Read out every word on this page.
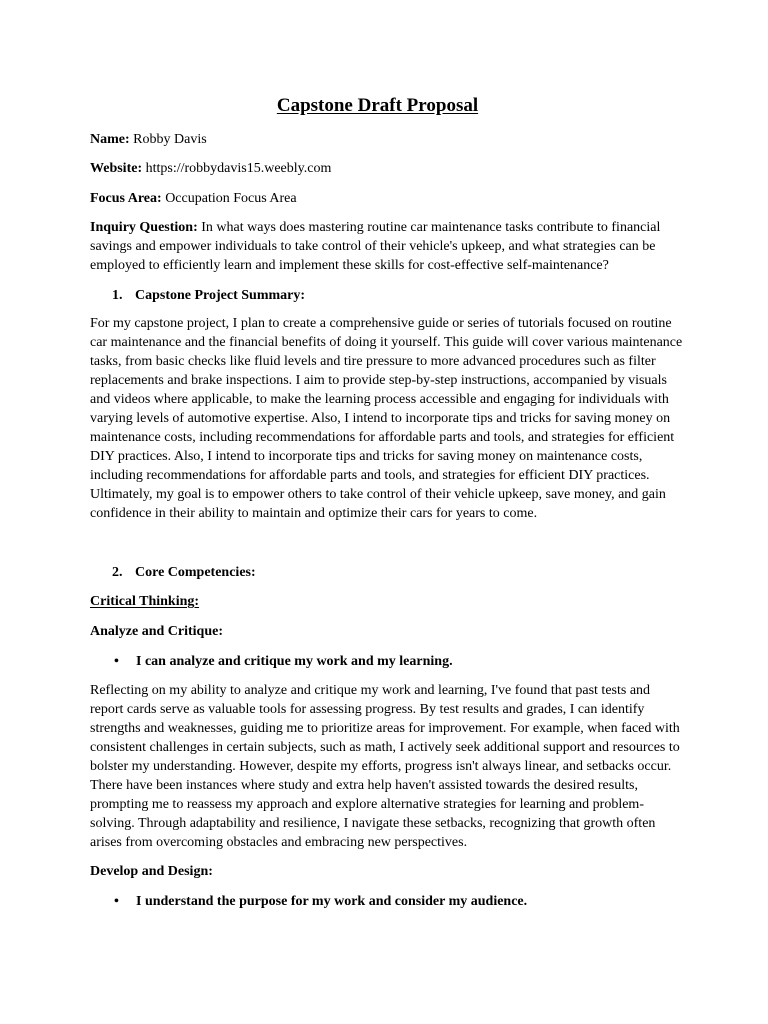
Capstone Draft Proposal
Name: Robby Davis
Website: https://robbydavis15.weebly.com
Focus Area: Occupation Focus Area
Inquiry Question: In what ways does mastering routine car maintenance tasks contribute to financial
savings and empower individuals to take control of their vehicle's upkeep, and what strategies can be
employed to efficiently learn and implement these skills for cost-effective self-maintenance?
1. Capstone Project Summary:
For my capstone project, I plan to create a comprehensive guide or series of tutorials focused on routine
car maintenance and the financial benefits of doing it yourself. This guide will cover various maintenance
tasks, from basic checks like fluid levels and tire pressure to more advanced procedures such as filter
replacements and brake inspections. I aim to provide step-by-step instructions, accompanied by visuals
and videos where applicable, to make the learning process accessible and engaging for individuals with
varying levels of automotive expertise. Also, I intend to incorporate tips and tricks for saving money on
maintenance costs, including recommendations for affordable parts and tools, and strategies for efficient
DIY practices. Also, I intend to incorporate tips and tricks for saving money on maintenance costs,
including recommendations for affordable parts and tools, and strategies for efficient DIY practices.
Ultimately, my goal is to empower others to take control of their vehicle upkeep, save money, and gain
confidence in their ability to maintain and optimize their cars for years to come.
2. Core Competencies:
Critical Thinking:
Analyze and Critique:
• I can analyze and critique my work and my learning.
Reflecting on my ability to analyze and critique my work and learning, I've found that past tests and
report cards serve as valuable tools for assessing progress. By test results and grades, I can identify
strengths and weaknesses, guiding me to prioritize areas for improvement. For example, when faced with
consistent challenges in certain subjects, such as math, I actively seek additional support and resources to
bolster my understanding. However, despite my efforts, progress isn't always linear, and setbacks occur.
There have been instances where study and extra help haven't assisted towards the desired results,
prompting me to reassess my approach and explore alternative strategies for learning and problem-
solving. Through adaptability and resilience, I navigate these setbacks, recognizing that growth often
arises from overcoming obstacles and embracing new perspectives.
Develop and Design:
• I understand the purpose for my work and consider my audience.
